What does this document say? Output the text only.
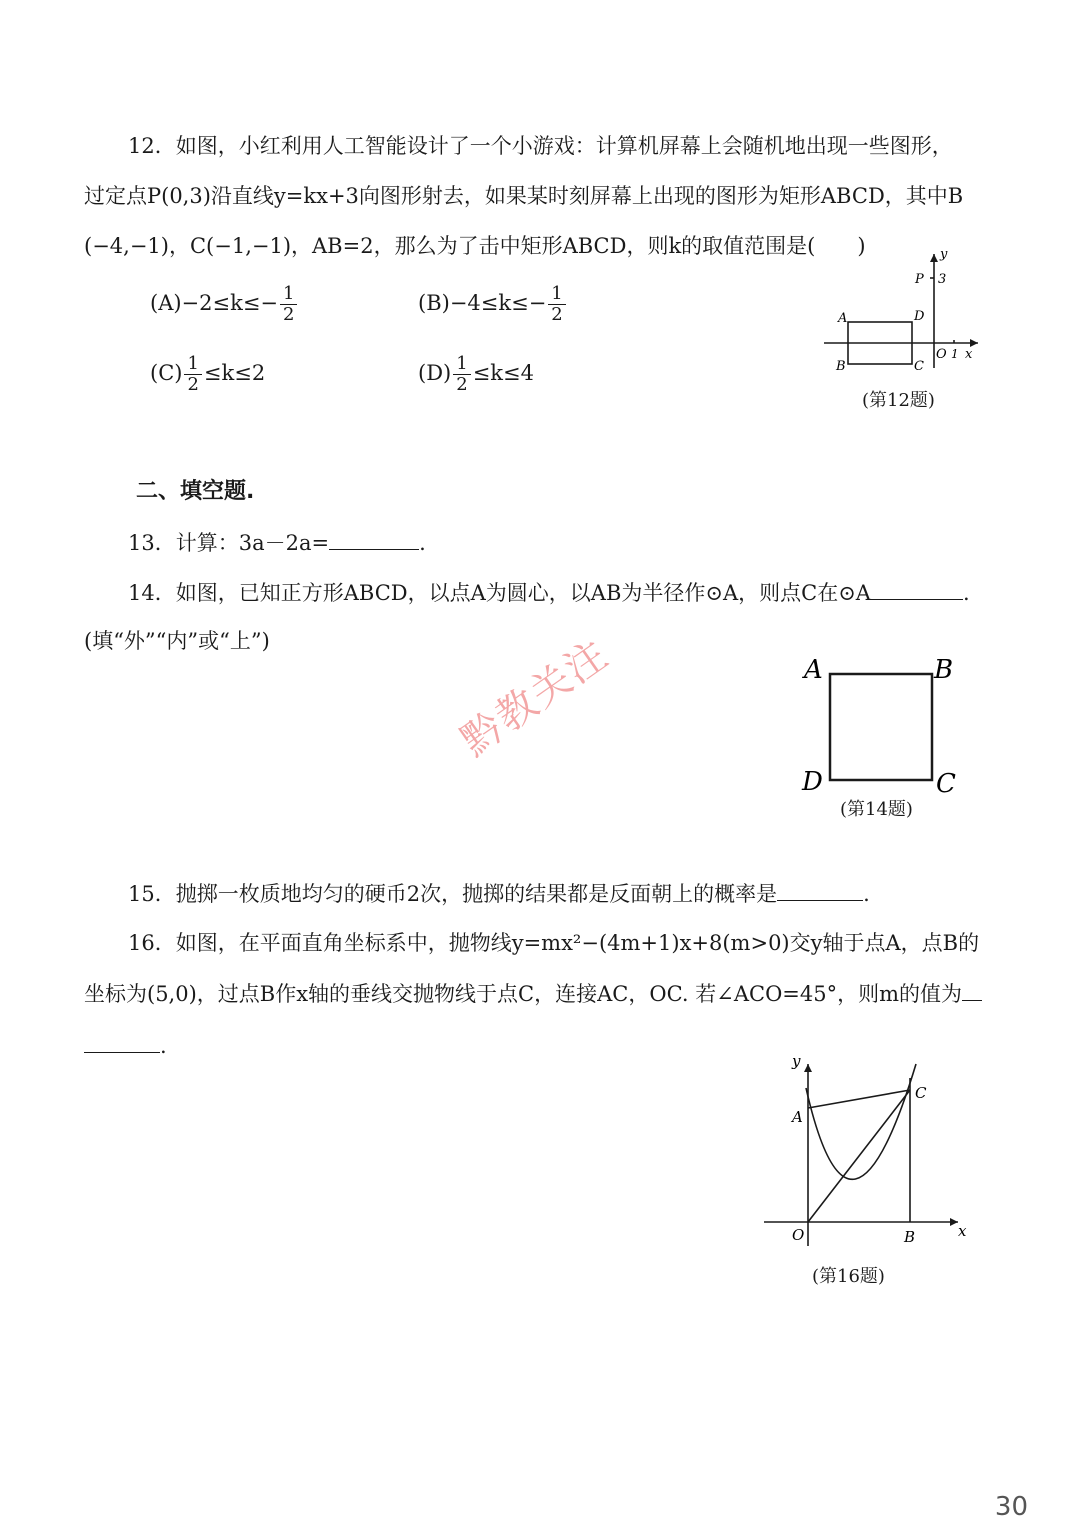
12．如图，小红利用人工智能设计了一个小游戏：计算机屏幕上会随机地出现一些图形，
过定点P(0,3)沿直线y=kx+3向图形射去，如果某时刻屏幕上出现的图形为矩形ABCD，其中B
(−4,−1)，C(−1,−1)，AB=2，那么为了击中矩形ABCD，则k的取值范围是(　　)
$(A)-2\le k\le- \frac{1}{2}$	$(B)-4\le k\le- \frac{1}{2}$
$(C) \frac{1}{2} \le k\le 2$	$(D) \frac{1}{2} \le k\le 4$
y
P 3
A	D
B	C
O 1 x
(第12题)
二、填空题.
13．计算：3a－2a=	.
14．如图，已知正方形ABCD，以点A为圆心，以AB为半径作⊙A，则点C在⊙A	.
(填“外”“内”或“上”)
A	B
C
D
(第14题)
黔教关注
15．抛掷一枚质地均匀的硬币2次，抛掷的结果都是反面朝上的概率是	.
16．如图，在平面直角坐标系中，抛物线y=mx²−(4m+1)x+8(m>0)交y轴于点A，点B的
坐标为(5,0)，过点B作x轴的垂线交抛物线于点C，连接AC，OC. 若∠ACO=45°，则m的值为
.
y
A
C
O	B	x
(第16题)
30
